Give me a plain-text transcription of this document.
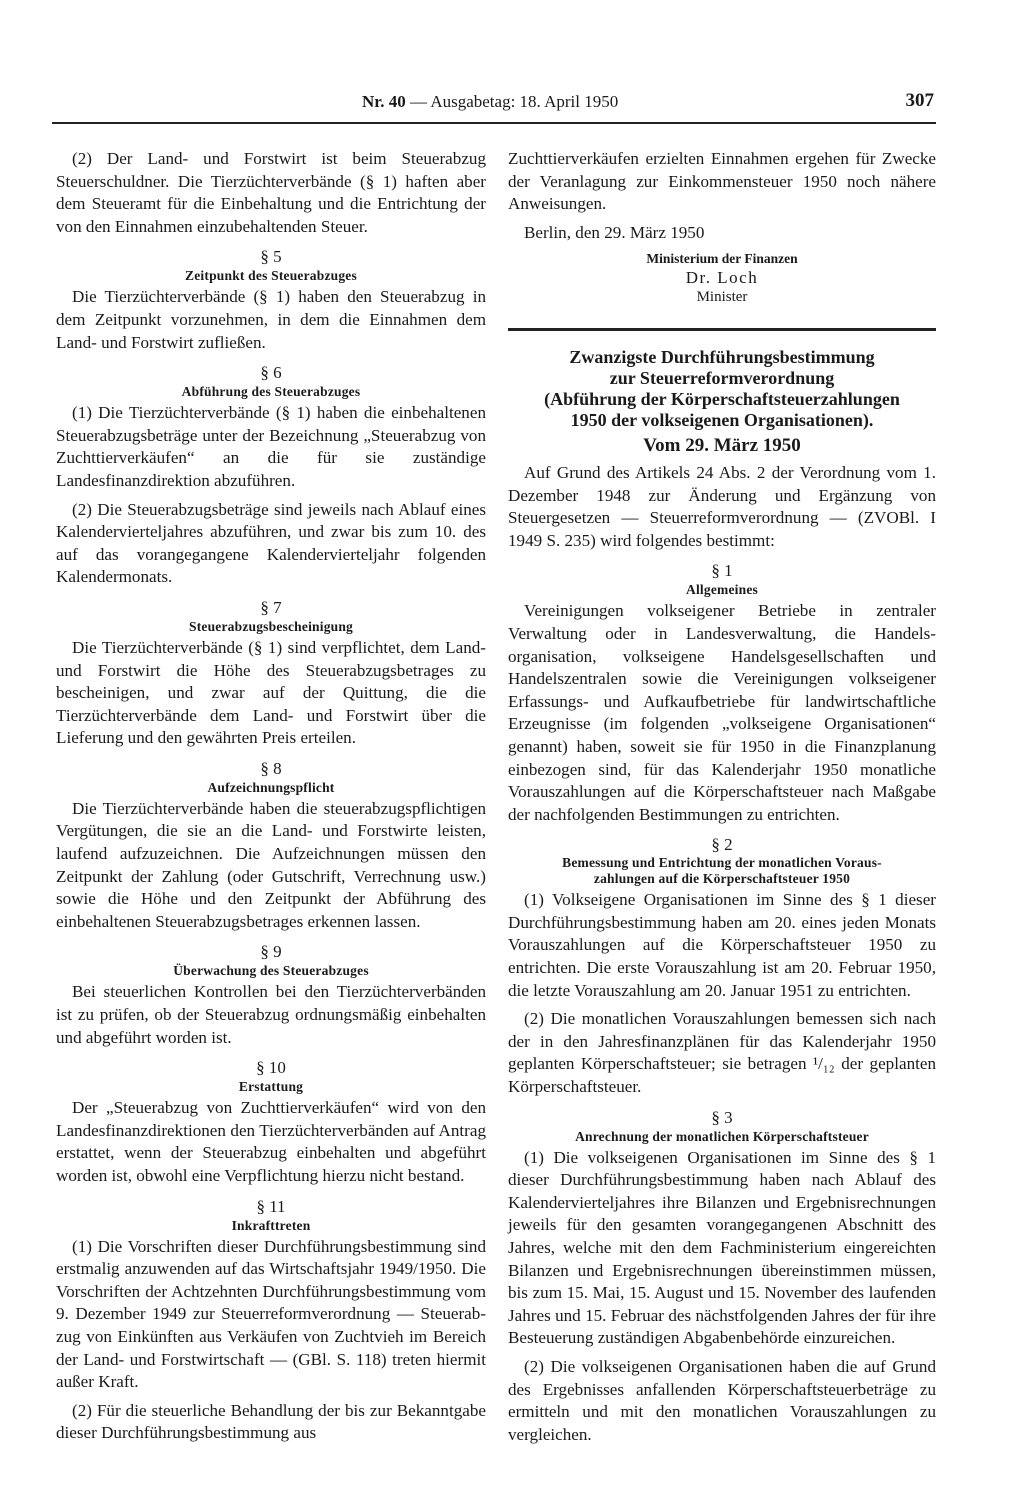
Nr. 40 — Ausgabetag: 18. April 1950	307

(2) Der Land- und Forstwirt ist beim Steuerabzug Steuerschuldner. Die Tierzüchterverbände (§ 1) haften aber dem Steueramt für die Einbehaltung und die Entrichtung der von den Einnahmen einzubehaltenden Steuer.

§ 5
Zeitpunkt des Steuerabzuges

Die Tierzüchterverbände (§ 1) haben den Steuerabzug in dem Zeitpunkt vorzunehmen, in dem die Einnahmen dem Land- und Forstwirt zufließen.

§ 6
Abführung des Steuerabzuges

(1) Die Tierzüchterverbände (§ 1) haben die einbehaltenen Steuerabzugsbeträge unter der Bezeichnung „Steuerabzug von Zuchttierverkäufen“ an die für sie zuständige Landesfinanzdirektion abzuführen.

(2) Die Steuerabzugsbeträge sind jeweils nach Ablauf eines Kalendervierteljahres abzuführen, und zwar bis zum 10. des auf das vorangegangene Kalendervierteljahr folgenden Kalendermonats.

§ 7
Steuerabzugsbescheinigung

Die Tierzüchterverbände (§ 1) sind verpflichtet, dem Land- und Forstwirt die Höhe des Steuerabzugsbetrages zu bescheinigen, und zwar auf der Quittung, die die Tierzüchterverbände dem Land- und Forstwirt über die Lieferung und den gewährten Preis erteilen.

§ 8
Aufzeichnungspflicht

Die Tierzüchterverbände haben die steuerabzugspflichtigen Vergütungen, die sie an die Land- und Forstwirte leisten, laufend aufzuzeichnen. Die Aufzeichnungen müssen den Zeitpunkt der Zahlung (oder Gutschrift, Verrechnung usw.) sowie die Höhe und den Zeitpunkt der Abführung des einbehaltenen Steuerabzugsbetrages erkennen lassen.

§ 9
Überwachung des Steuerabzuges

Bei steuerlichen Kontrollen bei den Tierzüchterverbänden ist zu prüfen, ob der Steuerabzug ordnungsmäßig einbehalten und abgeführt worden ist.

§ 10
Erstattung

Der „Steuerabzug von Zuchttierverkäufen“ wird von den Landesfinanzdirektionen den Tierzüchterverbänden auf Antrag erstattet, wenn der Steuerabzug einbehalten und abgeführt worden ist, obwohl eine Verpflichtung hierzu nicht bestand.

§ 11
Inkrafttreten

(1) Die Vorschriften dieser Durchführungsbestimmung sind erstmalig anzuwenden auf das Wirtschaftsjahr 1949/1950. Die Vorschriften der Achtzehnten Durchführungsbestimmung vom 9. Dezember 1949 zur Steuerreformverordnung — Steuerabzug von Einkünften aus Verkäufen von Zuchtvieh im Bereich der Land- und Forstwirtschaft — (GBl. S. 118) treten hiermit außer Kraft.

(2) Für die steuerliche Behandlung der bis zur Bekanntgabe dieser Durchführungsbestimmung aus

Zuchttierverkäufen erzielten Einnahmen ergehen für Zwecke der Veranlagung zur Einkommensteuer 1950 noch nähere Anweisungen.

Berlin, den 29. März 1950

Ministerium der Finanzen
Dr. Loch
Minister
Zwanzigste Durchführungsbestimmung
zur Steuerreformverordnung
(Abführung der Körperschaftsteuerzahlungen
1950 der volkseigenen Organisationen).
Vom 29. März 1950

Auf Grund des Artikels 24 Abs. 2 der Verordnung vom 1. Dezember 1948 zur Änderung und Ergänzung von Steuergesetzen — Steuerreformverordnung — (ZVOBl. I 1949 S. 235) wird folgendes bestimmt:

§ 1
Allgemeines

Vereinigungen volkseigener Betriebe in zentraler Verwaltung oder in Landesverwaltung, die Handelsorganisation, volkseigene Handelsgesellschaften und Handelszentralen sowie die Vereinigungen volkseigener Erfassungs- und Aufkaufbetriebe für landwirtschaftliche Erzeugnisse (im folgenden „volkseigene Organisationen“ genannt) haben, soweit sie für 1950 in die Finanzplanung einbezogen sind, für das Kalenderjahr 1950 monatliche Vorauszahlungen auf die Körperschaftsteuer nach Maßgabe der nachfolgenden Bestimmungen zu entrichten.

§ 2
Bemessung und Entrichtung der monatlichen Voraus-
zahlungen auf die Körperschaftsteuer 1950

(1) Volkseigene Organisationen im Sinne des § 1 dieser Durchführungsbestimmung haben am 20. eines jeden Monats Vorauszahlungen auf die Körperschaftsteuer 1950 zu entrichten. Die erste Vorauszahlung ist am 20. Februar 1950, die letzte Vorauszahlung am 20. Januar 1951 zu entrichten.

(2) Die monatlichen Vorauszahlungen bemessen sich nach der in den Jahresfinanzplänen für das Kalenderjahr 1950 geplanten Körperschaftsteuer; sie betragen ¹/₁₂ der geplanten Körperschaftsteuer.

§ 3
Anrechnung der monatlichen Körperschaftsteuer

(1) Die volkseigenen Organisationen im Sinne des § 1 dieser Durchführungsbestimmung haben nach Ablauf des Kalendervierteljahres ihre Bilanzen und Ergebnisrechnungen jeweils für den gesamten vorangegangenen Abschnitt des Jahres, welche mit den dem Fachministerium eingereichten Bilanzen und Ergebnisrechnungen übereinstimmen müssen, bis zum 15. Mai, 15. August und 15. November des laufenden Jahres und 15. Februar des nächstfolgenden Jahres der für ihre Besteuerung zuständigen Abgabenbehörde einzureichen.

(2) Die volkseigenen Organisationen haben die auf Grund des Ergebnisses anfallenden Körperschaftsteuerbeträge zu ermitteln und mit den monatlichen Vorauszahlungen zu vergleichen.
